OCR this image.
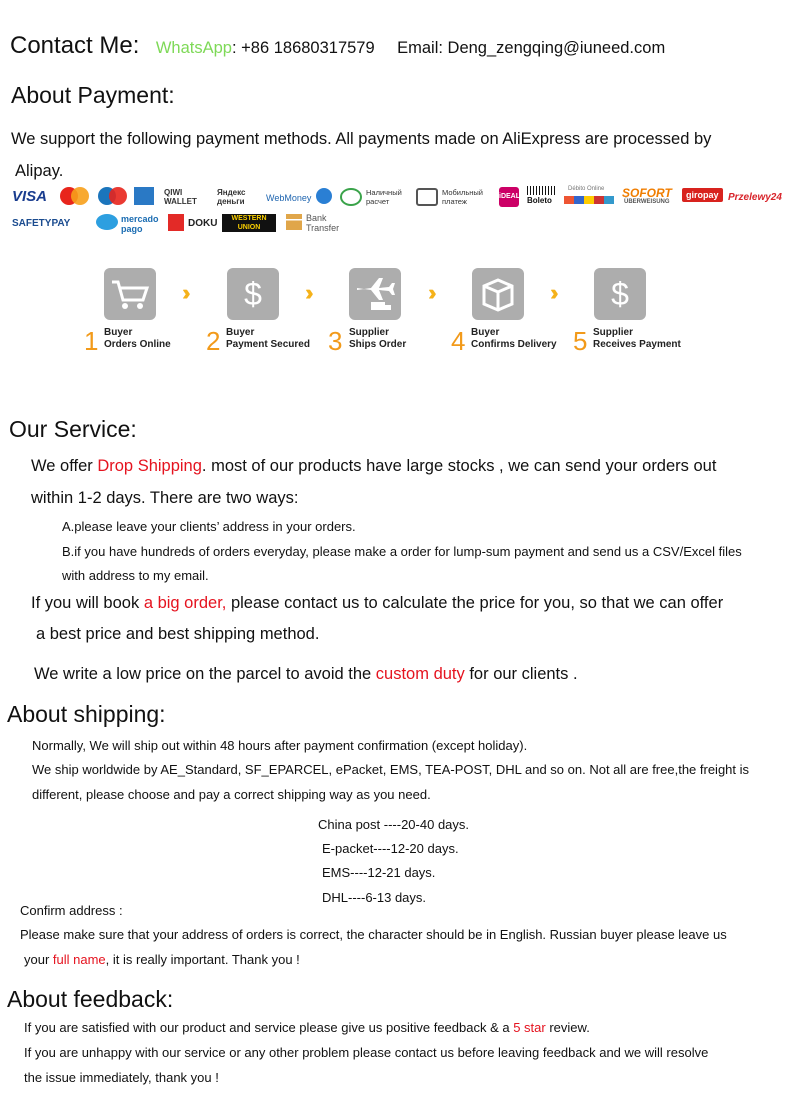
Contact Me: WhatsApp: +86 18680317579 Email: Deng_zengqing@iuneed.com
About Payment:
We support the following payment methods. All payments made on AliExpress are processed by
Alipay.
VISA	QIWI WALLET
Яндекс деньги	WebMoney
Наличный расчет
Мобильный платеж
iDEAL Boleto
Débito Online SOFORT
ÜBERWEISUNG
giropay Przelewy24
SAFETYPAY	mercado pago	DOKU	WESTERN UNION
Bank Transfer
1 Buyer
Orders Online
››	$
2 Buyer
Payment Secured
››
3 Supplier
Ships Order
››
4 Buyer
Confirms Delivery
››	$
5 Supplier
Receives Payment
Our Service:
We offer Drop Shipping. most of our products have large stocks , we can send your orders out
within 1-2 days. There are two ways:
A.please leave your clients’ address in your orders.
B.if you have hundreds of orders everyday, please make a order for lump-sum payment and send us a CSV/Excel files
with address to my email.
If you will book a big order, please contact us to calculate the price for you, so that we can offer
a best price and best shipping method.
We write a low price on the parcel to avoid the custom duty for our clients .
About shipping:
Normally, We will ship out within 48 hours after payment confirmation (except holiday).
We ship worldwide by AE_Standard, SF_EPARCEL, ePacket, EMS, TEA-POST, DHL and so on. Not all are free,the freight is
different, please choose and pay a correct shipping way as you need.
China post ----20-40 days.
E-packet----12-20 days.
EMS----12-21 days.
DHL----6-13 days.
Confirm address :
Please make sure that your address of orders is correct, the character should be in English. Russian buyer please leave us
your full name, it is really important. Thank you !
About feedback:
If you are satisfied with our product and service please give us positive feedback & a 5 star review.
If you are unhappy with our service or any other problem please contact us before leaving feedback and we will resolve
the issue immediately, thank you !
